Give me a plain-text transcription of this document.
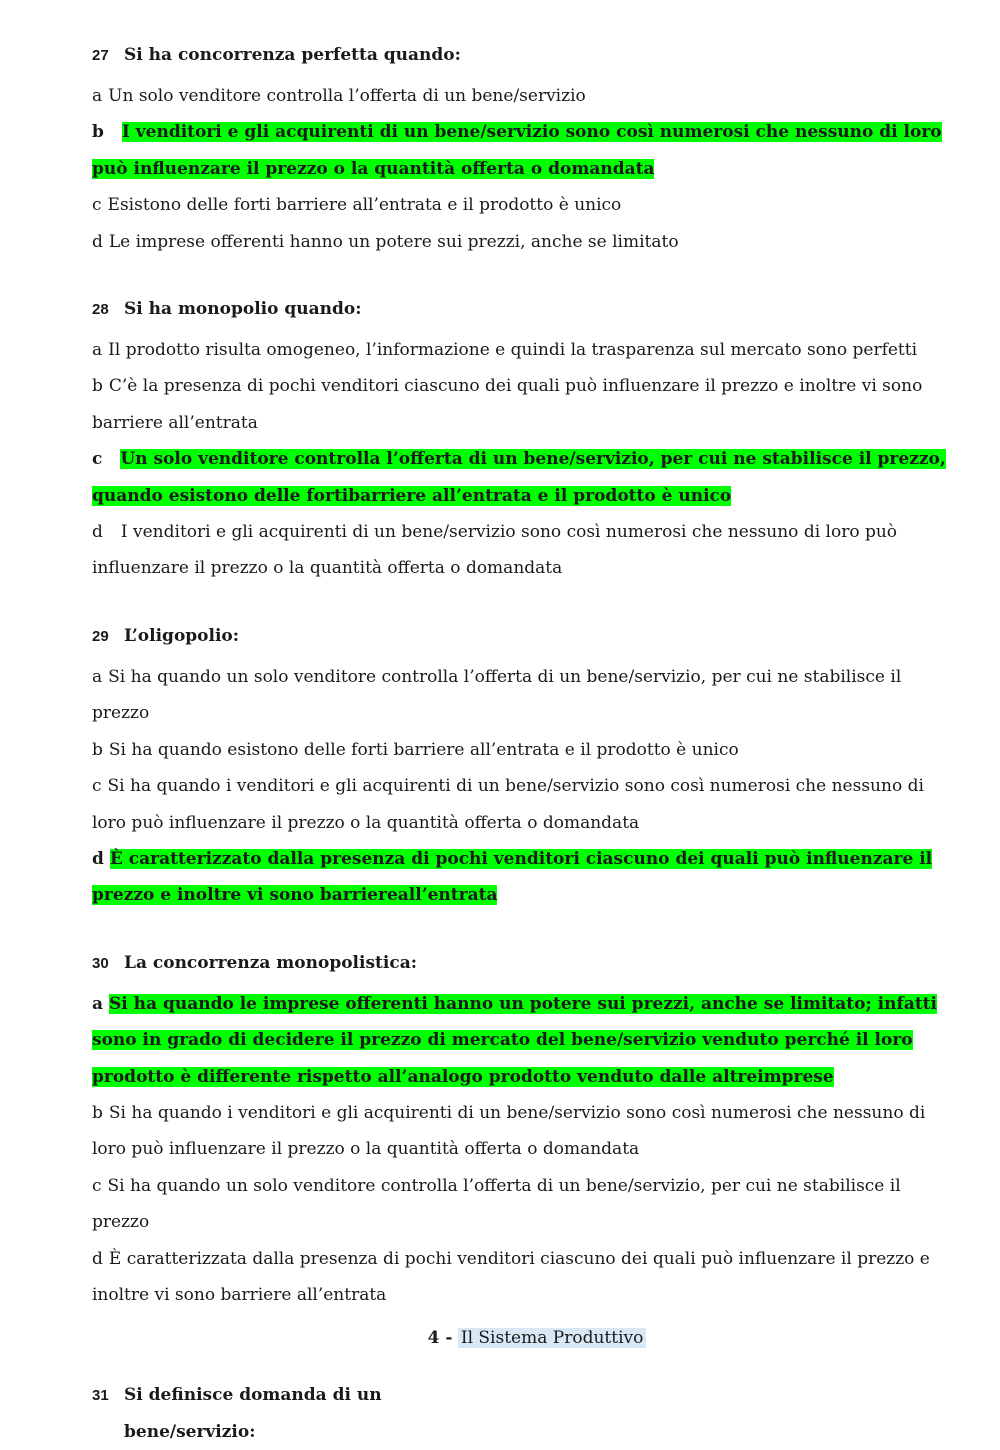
27 Si ha concorrenza perfetta quando:

a Un solo venditore controlla l’offerta di un bene/servizio

b I venditori e gli acquirenti di un bene/servizio sono così numerosi che nessuno di loro può influenzare il prezzo o la quantità offerta o domandata

c Esistono delle forti barriere all’entrata e il prodotto è unico

d Le imprese offerenti hanno un potere sui prezzi, anche se limitato

28 Si ha monopolio quando:

a Il prodotto risulta omogeneo, l’informazione e quindi la trasparenza sul mercato sono perfetti

b C’è la presenza di pochi venditori ciascuno dei quali può influenzare il prezzo e inoltre vi sono barriere all’entrata

c Un solo venditore controlla l’offerta di un bene/servizio, per cui ne stabilisce il prezzo, quando esistono delle fortibarriere all’entrata e il prodotto è unico

d I venditori e gli acquirenti di un bene/servizio sono così numerosi che nessuno di loro può influenzare il prezzo o la quantità offerta o domandata

29 L’oligopolio:

a Si ha quando un solo venditore controlla l’offerta di un bene/servizio, per cui ne stabilisce il prezzo

b Si ha quando esistono delle forti barriere all’entrata e il prodotto è unico

c Si ha quando i venditori e gli acquirenti di un bene/servizio sono così numerosi che nessuno di loro può influenzare il prezzo o la quantità offerta o domandata

d È caratterizzato dalla presenza di pochi venditori ciascuno dei quali può influenzare il prezzo e inoltre vi sono barriereall’entrata

30 La concorrenza monopolistica:

a Si ha quando le imprese offerenti hanno un potere sui prezzi, anche se limitato; infatti sono in grado di decidere il prezzo di mercato del bene/servizio venduto perché il loro prodotto è differente rispetto all’analogo prodotto venduto dalle altreimprese

b Si ha quando i venditori e gli acquirenti di un bene/servizio sono così numerosi che nessuno di loro può influenzare il prezzo o la quantità offerta o domandata

c Si ha quando un solo venditore controlla l’offerta di un bene/servizio, per cui ne stabilisce il prezzo

d È caratterizzata dalla presenza di pochi venditori ciascuno dei quali può influenzare il prezzo e inoltre vi sono barriere all’entrata

4 - Il Sistema Produttivo
31 Si definisce domanda di un
bene/servizio:
